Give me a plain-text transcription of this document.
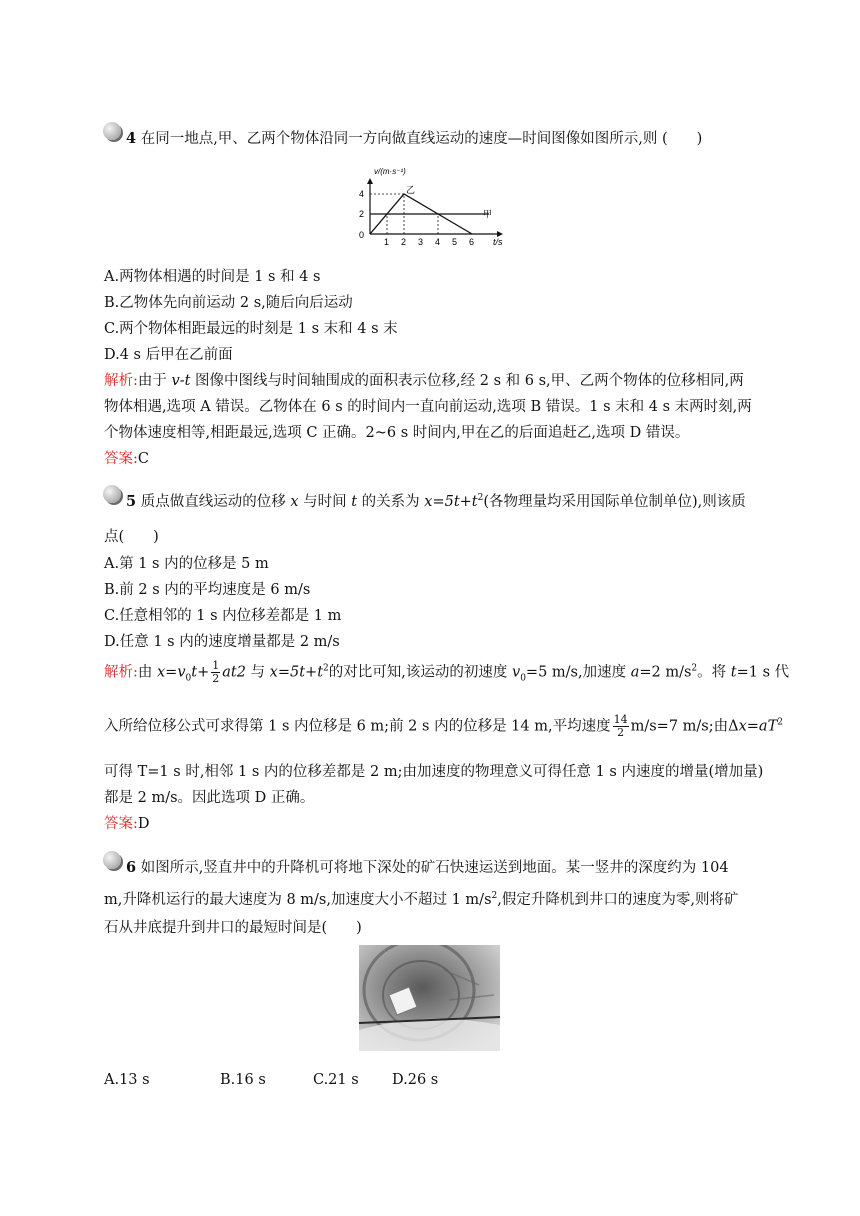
4 在同一地点,甲、乙两个物体沿同一方向做直线运动的速度—时间图像如图所示,则 (　　)
v/(m·s⁻¹)
t/s
0
1 2 3 4 5 6
2
4
甲
乙
A.两物体相遇的时间是 1 s 和 4 s
B.乙物体先向前运动 2 s,随后向后运动
C.两个物体相距最远的时刻是 1 s 末和 4 s 末
D.4 s 后甲在乙前面
解析:由于 v-t 图像中图线与时间轴围成的面积表示位移,经 2 s 和 6 s,甲、乙两个物体的位移相同,两
物体相遇,选项 A 错误。乙物体在 6 s 的时间内一直向前运动,选项 B 错误。1 s 末和 4 s 末两时刻,两
个物体速度相等,相距最远,选项 C 正确。2~6 s 时间内,甲在乙的后面追赶乙,选项 D 错误。
答案:C
5 质点做直线运动的位移 x 与时间 t 的关系为 $x=5t+t^2$(各物理量均采用国际单位制单位),则该质
点(　　)
A.第 1 s 内的位移是 5 m
B.前 2 s 内的平均速度是 6 m/s
C.任意相邻的 1 s 内位移差都是 1 m
D.任意 1 s 内的速度增量都是 2 m/s
解析:由 $x=v_0t+ \frac{1}{2} at2$ 与 $x=5t+t^2$的对比可知,该运动的初速度 $v_0=5$ m/s,加速度 a=2 $m/s^2$。将 t=1 s 代
入所给位移公式可求得第 1 s 内位移是 6 m;前 2 s 内的位移是 14 m,平均速度 $\frac{14}{2} m/s=7$ m/s;由$\Delta x=aT^2$
可得 T=1 s 时,相邻 1 s 内的位移差都是 2 m;由加速度的物理意义可得任意 1 s 内速度的增量(增加量)
都是 2 m/s。因此选项 D 正确。
答案:D
6 如图所示,竖直井中的升降机可将地下深处的矿石快速运送到地面。某一竖井的深度约为 104
m,升降机运行的最大速度为 8 m/s,加速度大小不超过 1 $m/s^2$,假定升降机到井口的速度为零,则将矿
石从井底提升到井口的最短时间是(　　)
A.13 s	B.16 s	C.21 s D.26 s
